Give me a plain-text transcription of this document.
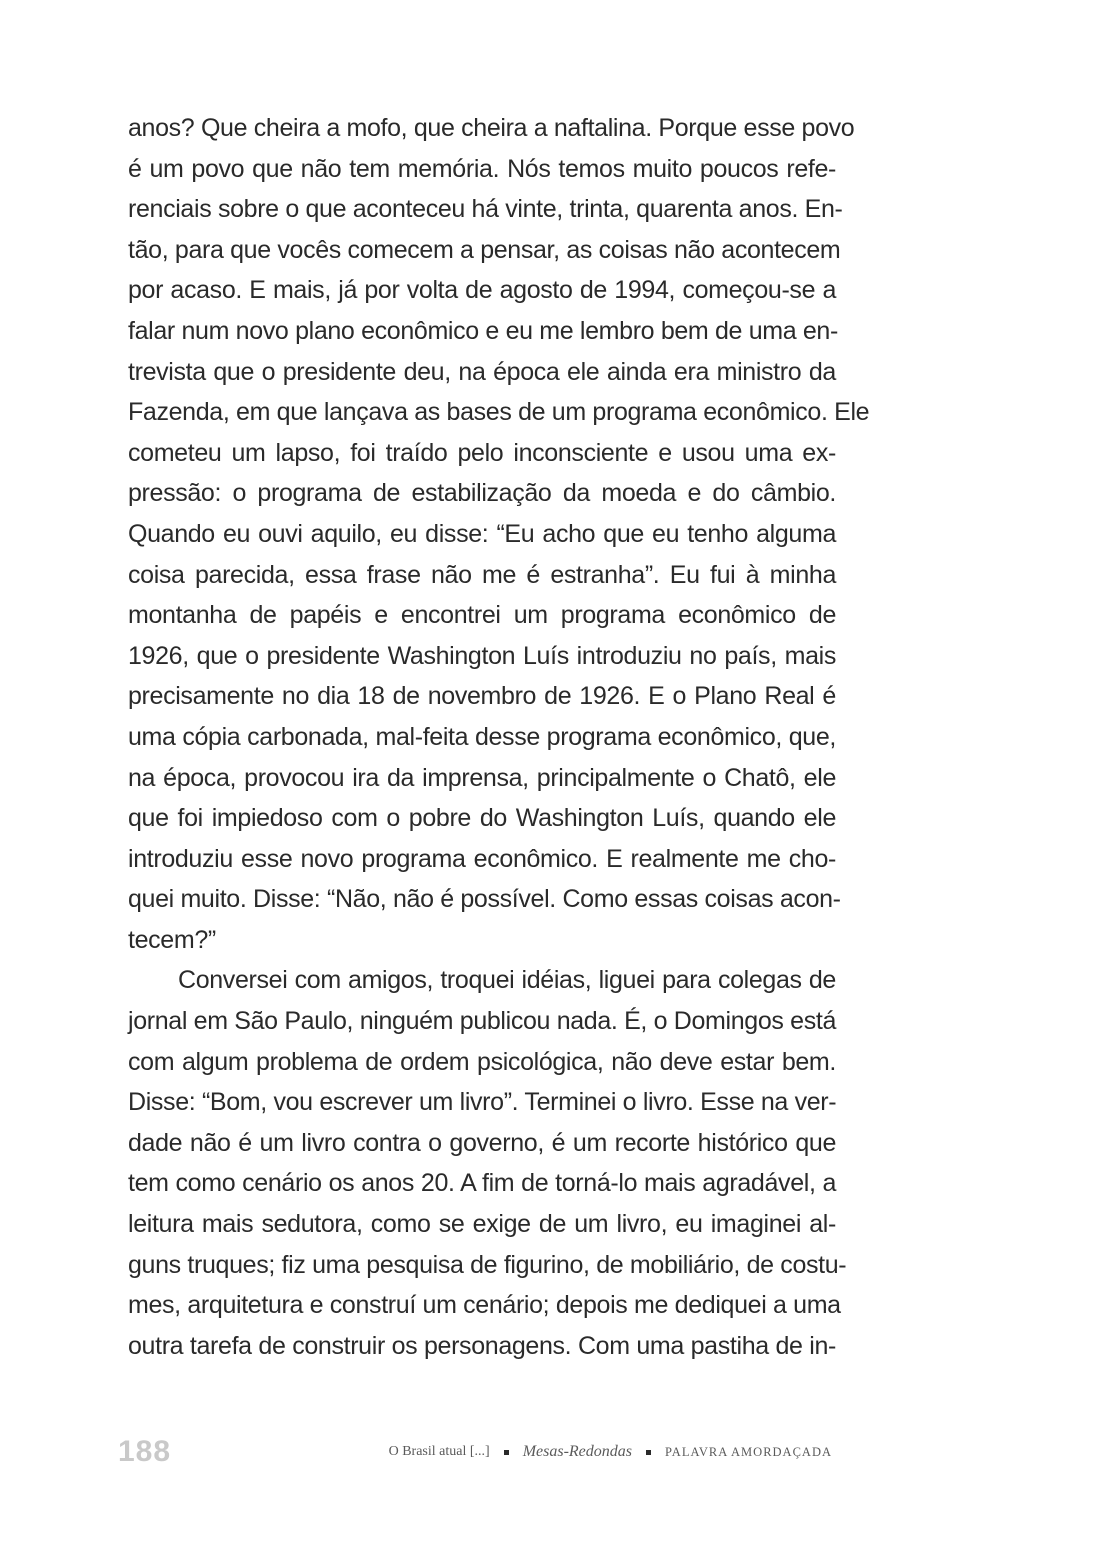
anos? Que cheira a mofo, que cheira a naftalina. Porque esse povo
é um povo que não tem memória. Nós temos muito poucos refe-
renciais sobre o que aconteceu há vinte, trinta, quarenta anos. En-
tão, para que vocês comecem a pensar, as coisas não acontecem
por acaso. E mais, já por volta de agosto de 1994, começou-se a
falar num novo plano econômico e eu me lembro bem de uma en-
trevista que o presidente deu, na época ele ainda era ministro da
Fazenda, em que lançava as bases de um programa econômico. Ele
cometeu um lapso, foi traído pelo inconsciente e usou uma ex-
pressão: o programa de estabilização da moeda e do câmbio.
Quando eu ouvi aquilo, eu disse: “Eu acho que eu tenho alguma
coisa parecida, essa frase não me é estranha”. Eu fui à minha
montanha de papéis e encontrei um programa econômico de
1926, que o presidente Washington Luís introduziu no país, mais
precisamente no dia 18 de novembro de 1926. E o Plano Real é
uma cópia carbonada, mal-feita desse programa econômico, que,
na época, provocou ira da imprensa, principalmente o Chatô, ele
que foi impiedoso com o pobre do Washington Luís, quando ele
introduziu esse novo programa econômico. E realmente me cho-
quei muito. Disse: “Não, não é possível. Como essas coisas acon-
tecem?”
Conversei com amigos, troquei idéias, liguei para colegas de
jornal em São Paulo, ninguém publicou nada. É, o Domingos está
com algum problema de ordem psicológica, não deve estar bem.
Disse: “Bom, vou escrever um livro”. Terminei o livro. Esse na ver-
dade não é um livro contra o governo, é um recorte histórico que
tem como cenário os anos 20. A fim de torná-lo mais agradável, a
leitura mais sedutora, como se exige de um livro, eu imaginei al-
guns truques; fiz uma pesquisa de figurino, de mobiliário, de costu-
mes, arquitetura e construí um cenário; depois me dediquei a uma
outra tarefa de construir os personagens. Com uma pastiha de in-
188	O Brasil atual [...] Mesas-Redondas	PALAVRA AMORDAÇADA
